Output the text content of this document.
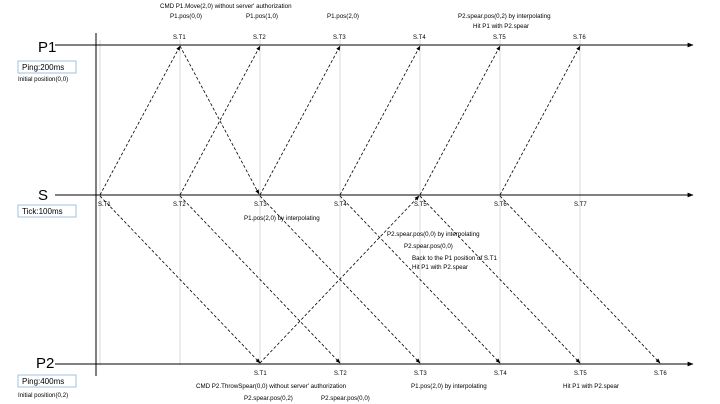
P1
S
P2
Ping:200ms
Initial position(0,0)
Tick:100ms
Ping:400ms
Initial position(0,2)
S.T1	S.T2	S.T3	S.T4	S.T5	S.T6
S.T1	S.T2	S.T3	S.T4	S.T5	S.T6	S.T7
S.T1	S.T2	S.T3	S.T4	S.T5	S.T6
CMD P1.Move(2,0) without server' authorization
P1.pos(0,0)	P1.pos(1,0)	P1.pos(2,0)	P2.spear.pos(0,2) by interpolating
Hit P1 with P2.spear
P1.pos(2,0) by interpolating
P2.spear.pos(0,0) by interpolating
P2.spear.pos(0,0)
Back to the P1 position of S.T1
Hit P1 with P2.spear
CMD P2.ThrowSpear(0,0) without server' authorization
P2.spear.pos(0,2)	P2.spear.pos(0,0)
P1.pos(2,0) by interpolating	Hit P1 with P2.spear
